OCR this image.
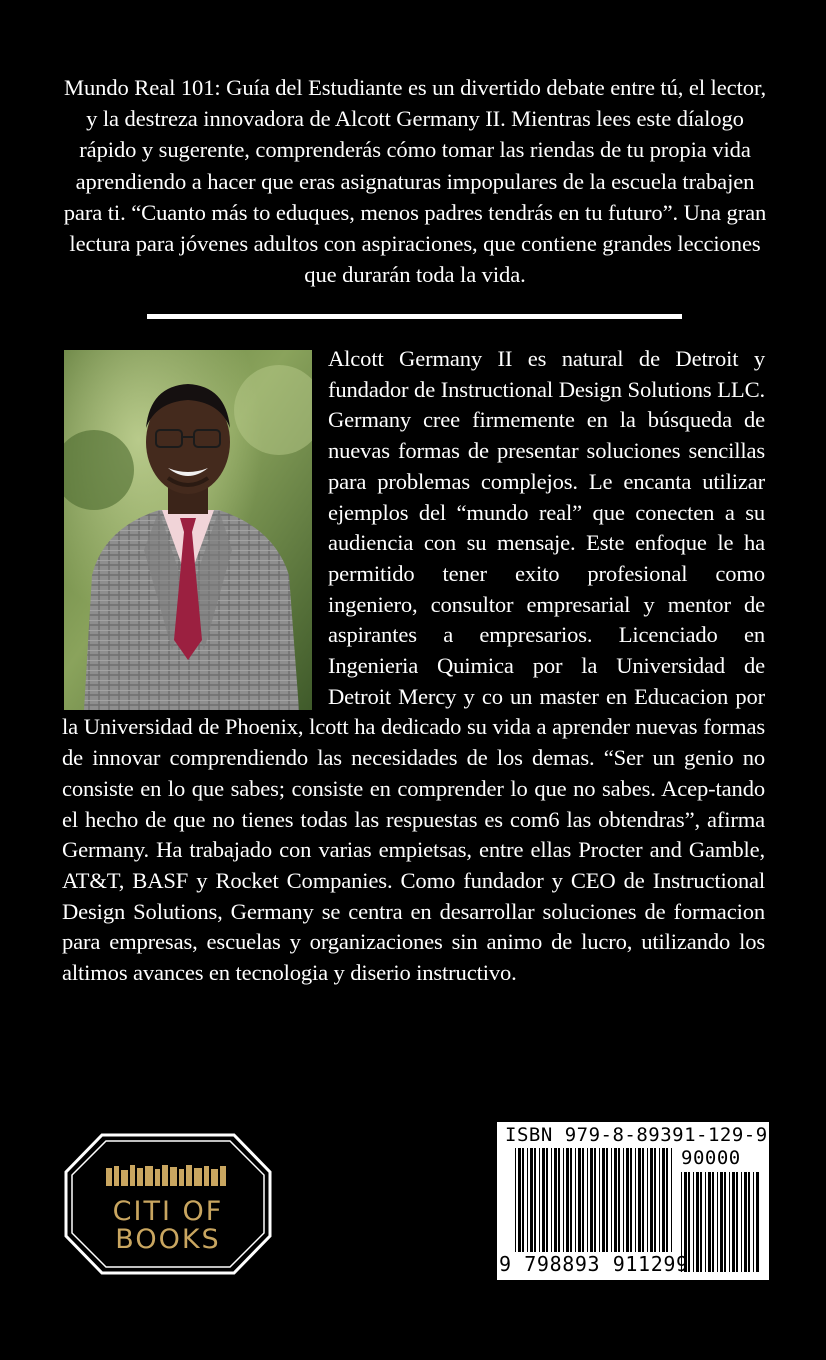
Mundo Real 101: Guía del Estudiante es un divertido debate entre tú, el lector, y la destreza innovadora de Alcott Germany II. Mientras lees este díalogo rápido y sugerente, comprenderás cómo tomar las riendas de tu propia vida aprendiendo a hacer que eras asignaturas impopulares de la escuela trabajen para ti. “Cuanto más to eduques, menos padres tendrás en tu futuro”. Una gran lectura para jóvenes adultos con aspiraciones, que contiene grandes lecciones que durarán toda la vida.
Alcott Germany II es natural de Detroit y fundador de Instructional Design Solutions LLC. Germany cree firmemente en la búsqueda de nuevas formas de presentar soluciones sencillas para problemas complejos. Le encanta utilizar ejemplos del “mundo real” que conecten a su audiencia con su mensaje. Este enfoque le ha permitido tener exito profesional como ingeniero, consultor empresarial y mentor de aspirantes a empresarios. Licenciado en Ingenieria Quimica por la Universidad de Detroit Mercy y co un master en Educacion por la Universidad de Phoenix, lcott ha dedicado su vida a aprender nuevas formas de innovar comprendiendo las necesidades de los demas. “Ser un genio no consiste en lo que sabes; consiste en comprender lo que no sabes. Acep-tando el hecho de que no tienes todas las respuestas es com6 las obtendras”, afirma Germany. Ha trabajado con varias empietsas, entre ellas Procter and Gamble, AT&T, BASF y Rocket Companies. Como fundador y CEO de Instructional Design Solutions, Germany se centra en desarrollar soluciones de formacion para empresas, escuelas y organizaciones sin animo de lucro, utilizando los altimos avances en tecnologia y diserio instructivo.
CITI OF
BOOKS
ISBN 979-8-89391-129-9
90000
9 798893 911299
